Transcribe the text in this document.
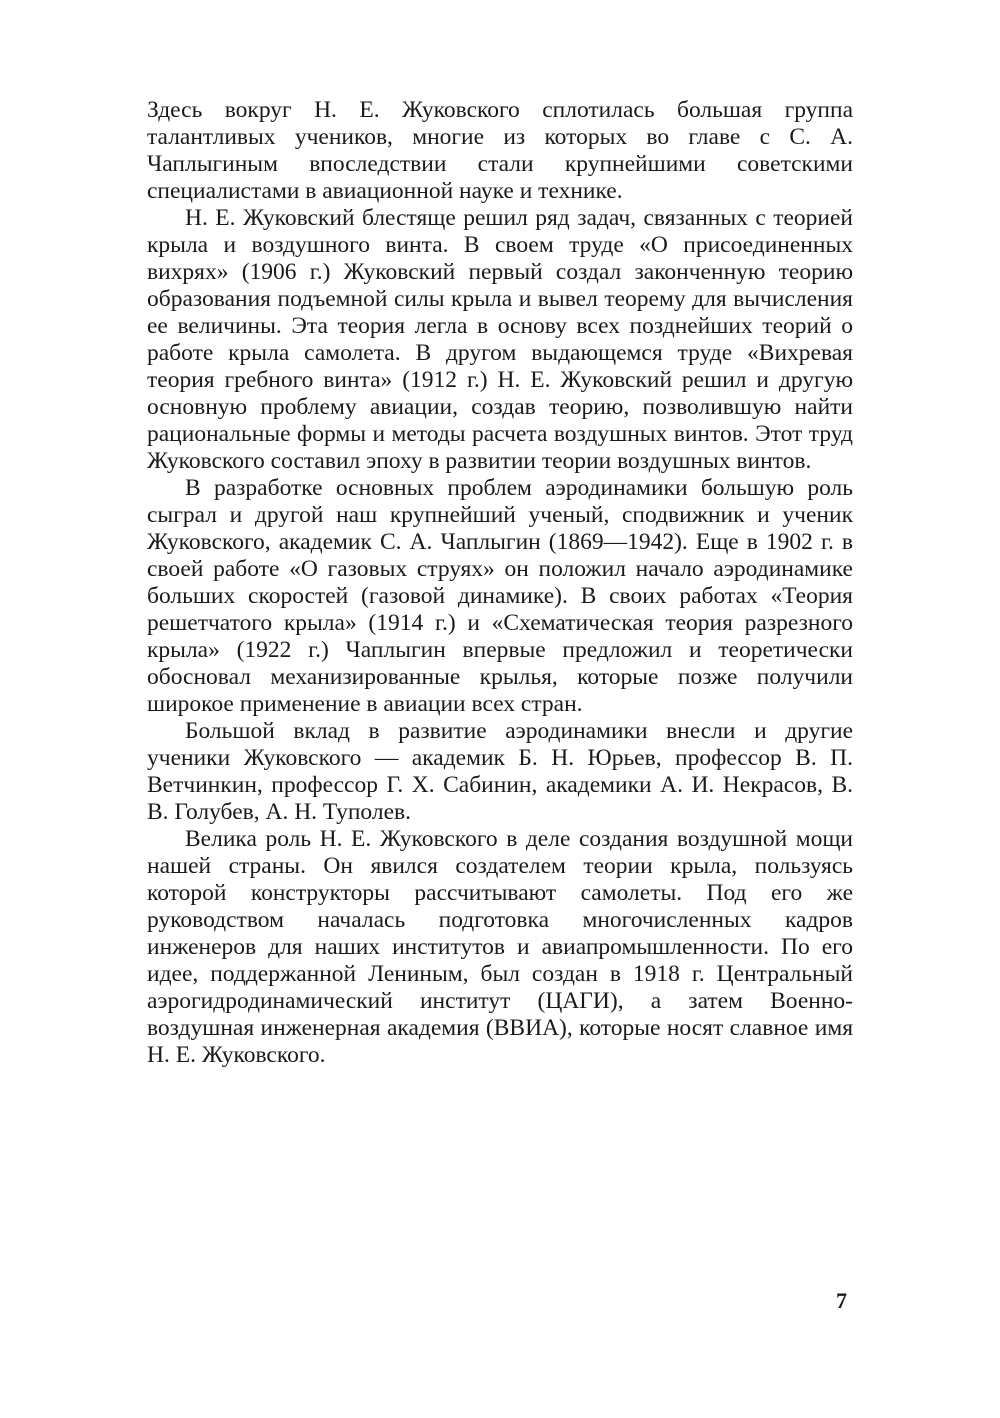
Здесь вокруг Н. Е. Жуковского сплотилась большая группа талантливых учеников, многие из которых во главе с С. А. Чаплыгиным впоследствии стали крупнейшими советскими специалистами в авиационной науке и технике.

Н. Е. Жуковский блестяще решил ряд задач, связанных с теорией крыла и воздушного винта. В своем труде «О присоединенных вихрях» (1906 г.) Жуковский первый создал законченную теорию образования подъемной силы крыла и вывел теорему для вычисления ее величины. Эта теория легла в основу всех позднейших теорий о работе крыла самолета. В другом выдающемся труде «Вихревая теория гребного винта» (1912 г.) Н. Е. Жуковский решил и другую основную проблему авиации, создав теорию, позволившую найти рациональные формы и методы расчета воздушных винтов. Этот труд Жуковского составил эпоху в развитии теории воздушных винтов.

В разработке основных проблем аэродинамики большую роль сыграл и другой наш крупнейший ученый, сподвижник и ученик Жуковского, академик С. А. Чаплыгин (1869—1942). Еще в 1902 г. в своей работе «О газовых струях» он положил начало аэродинамике больших скоростей (газовой динамике). В своих работах «Теория решетчатого крыла» (1914 г.) и «Схематическая теория разрезного крыла» (1922 г.) Чаплыгин впервые предложил и теоретически обосновал механизированные крылья, которые позже получили широкое применение в авиации всех стран.

Большой вклад в развитие аэродинамики внесли и другие ученики Жуковского — академик Б. Н. Юрьев, профессор В. П. Ветчинкин, профессор Г. Х. Сабинин, академики А. И. Некрасов, В. В. Голубев, А. Н. Туполев.

Велика роль Н. Е. Жуковского в деле создания воздушной мощи нашей страны. Он явился создателем теории крыла, пользуясь которой конструкторы рассчитывают самолеты. Под его же руководством началась подготовка многочисленных кадров инженеров для наших институтов и авиапромышленности. По его идее, поддержанной Лениным, был создан в 1918 г. Центральный аэрогидродинамический институт (ЦАГИ), а затем Военно-воздушная инженерная академия (ВВИА), которые носят славное имя Н. Е. Жуковского.

7
